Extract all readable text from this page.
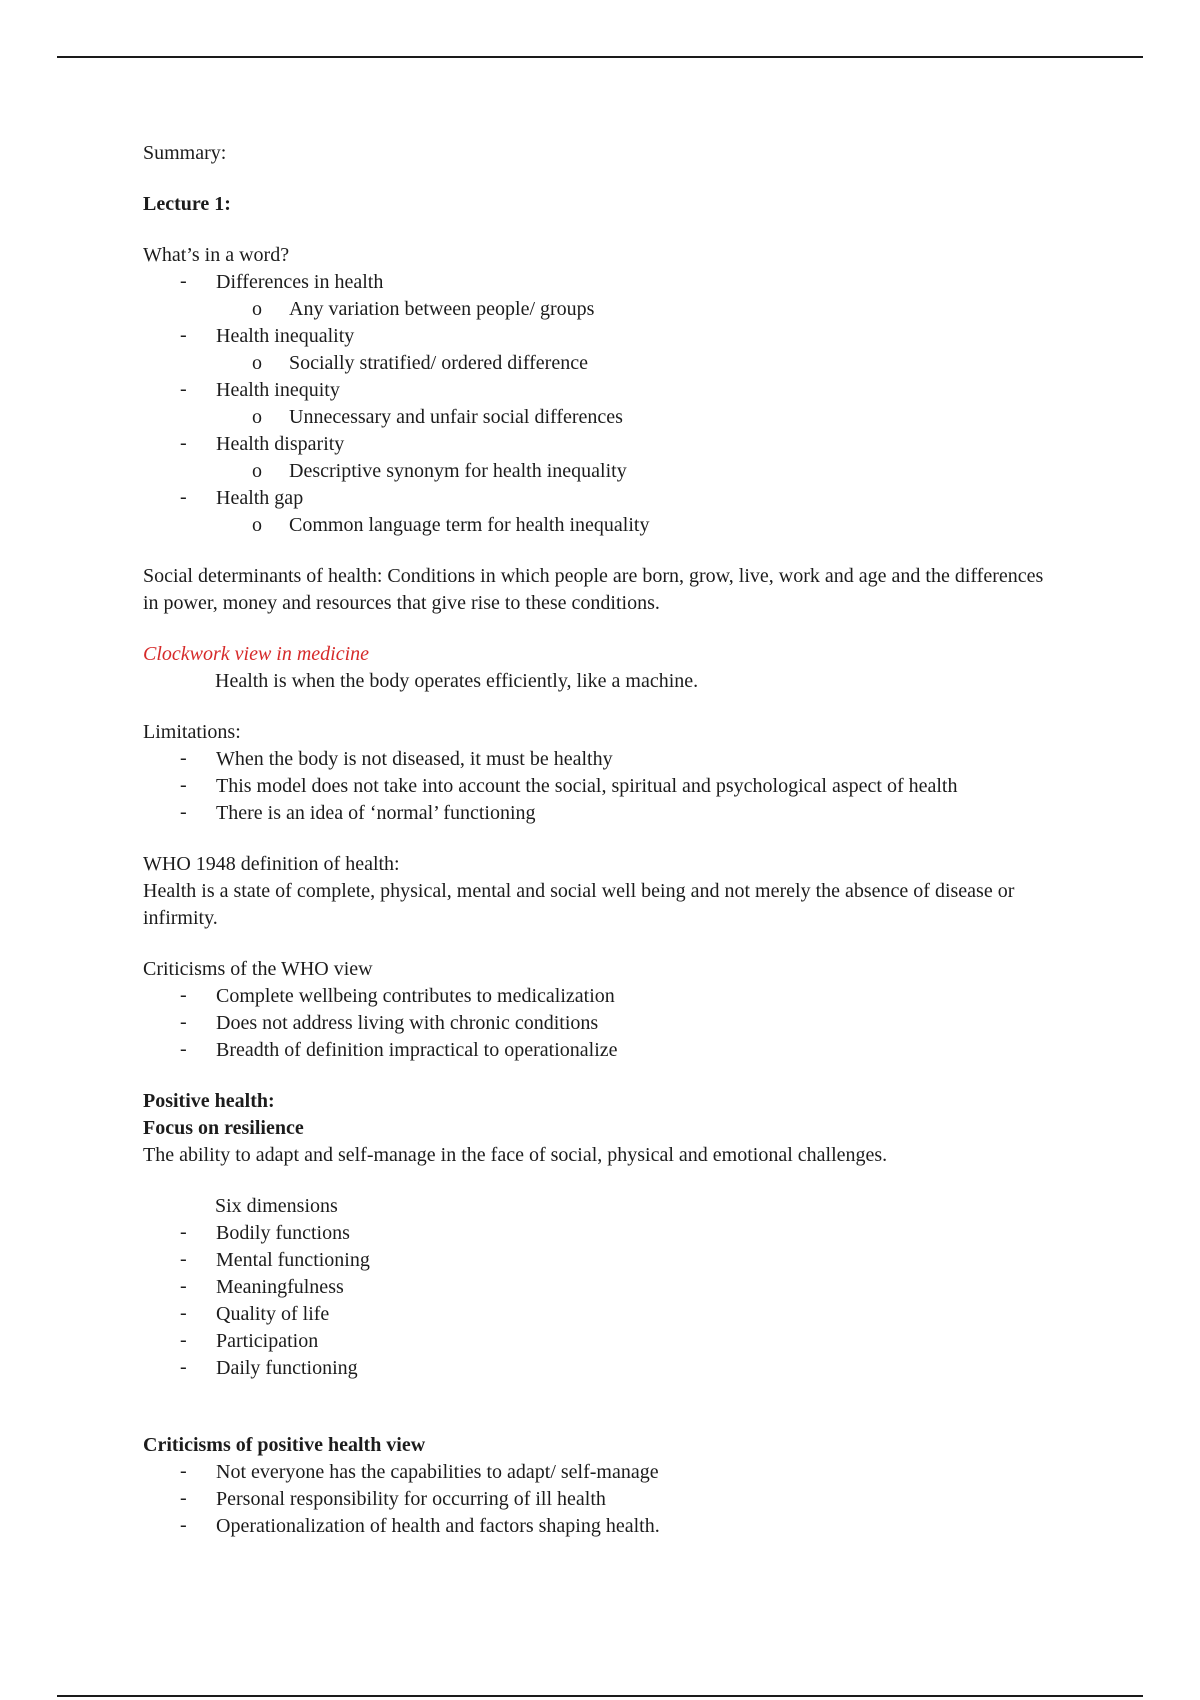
Summary:

Lecture 1:

What’s in a word?

- Differences in health
o Any variation between people/ groups
- Health inequality
o Socially stratified/ ordered difference
- Health inequity
o Unnecessary and unfair social differences
- Health disparity
o Descriptive synonym for health inequality
- Health gap
o Common language term for health inequality

Social determinants of health: Conditions in which people are born, grow, live, work and age and the differences in power, money and resources that give rise to these conditions.

Clockwork view in medicine

Health is when the body operates efficiently, like a machine.

Limitations:

- When the body is not diseased, it must be healthy
- This model does not take into account the social, spiritual and psychological aspect of health
- There is an idea of ‘normal’ functioning

WHO 1948 definition of health:

Health is a state of complete, physical, mental and social well being and not merely the absence of disease or infirmity.

Criticisms of the WHO view

- Complete wellbeing contributes to medicalization
- Does not address living with chronic conditions
- Breadth of definition impractical to operationalize

Positive health:

Focus on resilience

The ability to adapt and self-manage in the face of social, physical and emotional challenges.

Six dimensions

- Bodily functions
- Mental functioning
- Meaningfulness
- Quality of life
- Participation
- Daily functioning

Criticisms of positive health view

- Not everyone has the capabilities to adapt/ self-manage
- Personal responsibility for occurring of ill health
- Operationalization of health and factors shaping health.
